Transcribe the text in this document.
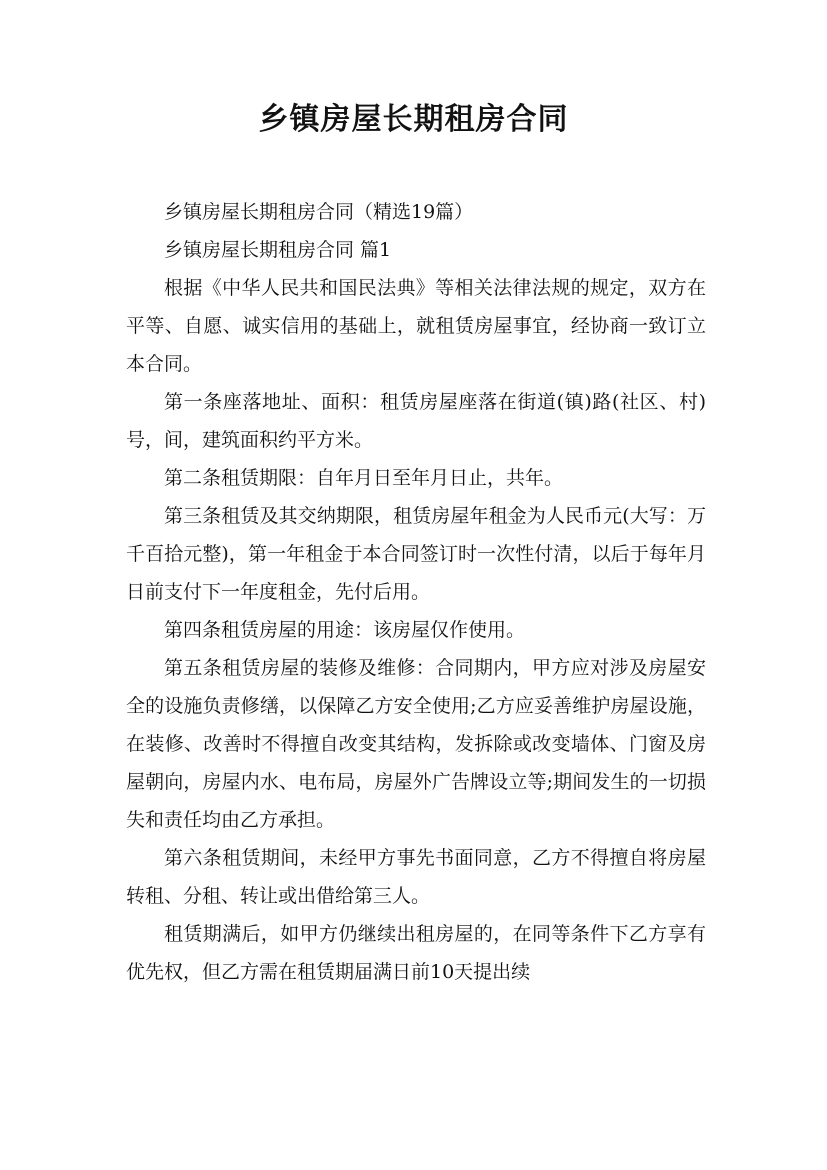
乡镇房屋长期租房合同

乡镇房屋长期租房合同（精选19篇）

乡镇房屋长期租房合同 篇1

根据《中华人民共和国民法典》等相关法律法规的规定，双方在平等、自愿、诚实信用的基础上，就租赁房屋事宜，经协商一致订立本合同。

第一条座落地址、面积：租赁房屋座落在街道(镇)路(社区、村)号，间，建筑面积约平方米。

第二条租赁期限：自年月日至年月日止，共年。

第三条租赁及其交纳期限，租赁房屋年租金为人民币元(大写：万千百拾元整)，第一年租金于本合同签订时一次性付清，以后于每年月日前支付下一年度租金，先付后用。

第四条租赁房屋的用途：该房屋仅作使用。

第五条租赁房屋的装修及维修：合同期内，甲方应对涉及房屋安全的设施负责修缮，以保障乙方安全使用;乙方应妥善维护房屋设施，在装修、改善时不得擅自改变其结构，发拆除或改变墙体、门窗及房屋朝向，房屋内水、电布局，房屋外广告牌设立等;期间发生的一切损失和责任均由乙方承担。

第六条租赁期间，未经甲方事先书面同意，乙方不得擅自将房屋转租、分租、转让或出借给第三人。

租赁期满后，如甲方仍继续出租房屋的，在同等条件下乙方享有优先权，但乙方需在租赁期届满日前10天提出续
